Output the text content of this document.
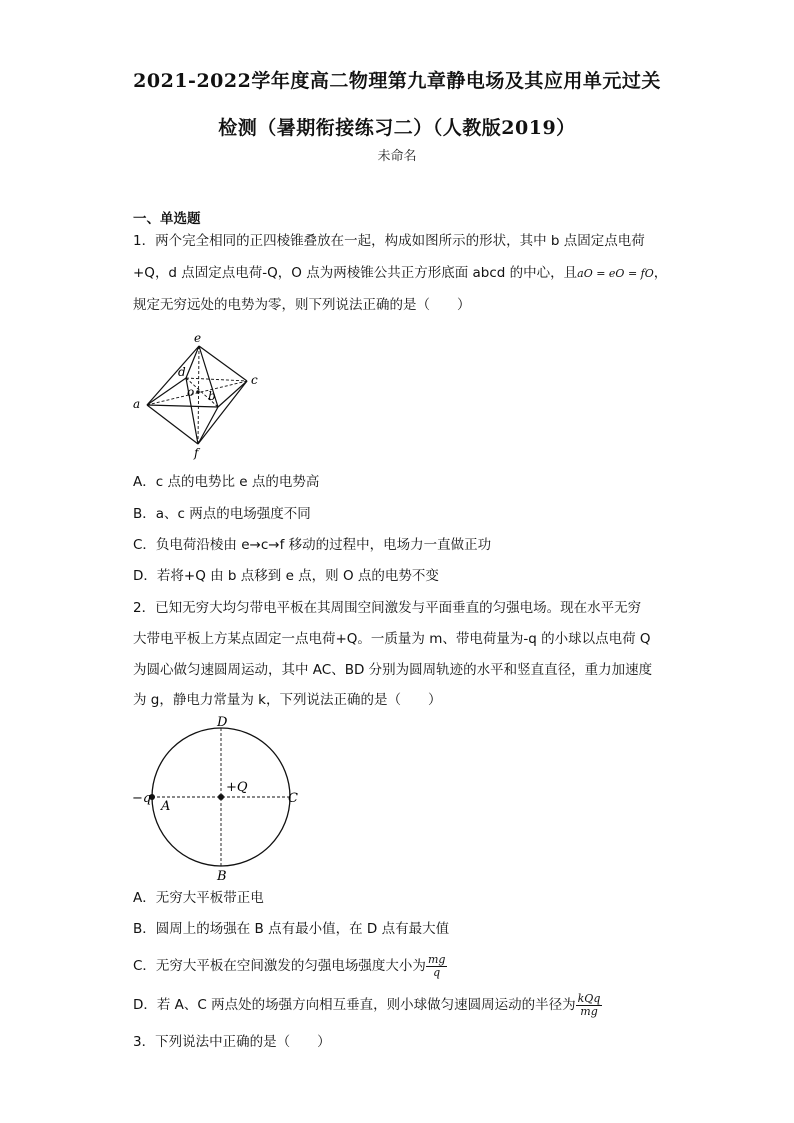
2021-2022学年度高二物理第九章静电场及其应用单元过关
检测（暑期衔接练习二）（人教版2019）
未命名
一、单选题
1．两个完全相同的正四棱锥叠放在一起，构成如图所示的形状，其中 b 点固定点电荷
+Q，d 点固定点电荷-Q，O 点为两棱锥公共正方形底面 abcd 的中心，且aO = eO = fO，
规定无穷远处的电势为零，则下列说法正确的是（　　）
e
d
c
o b
a
f
A．c 点的电势比 e 点的电势高
B．a、c 两点的电场强度不同
C．负电荷沿棱由 e→c→f 移动的过程中，电场力一直做正功
D．若将+Q 由 b 点移到 e 点，则 O 点的电势不变
2．已知无穷大均匀带电平板在其周围空间激发与平面垂直的匀强电场。现在水平无穷
大带电平板上方某点固定一点电荷+Q。一质量为 m、带电荷量为-q 的小球以点电荷 Q
为圆心做匀速圆周运动，其中 AC、BD 分别为圆周轨迹的水平和竖直直径，重力加速度
为 g，静电力常量为 k，下列说法正确的是（　　）
D
B
A
C
+Q
−q
A．无穷大平板带正电
B．圆周上的场强在 B 点有最小值，在 D 点有最大值
C．无穷大平板在空间激发的匀强电场强度大小为 $\frac{mg}{q}$
D．若 A、C 两点处的场强方向相互垂直，则小球做匀速圆周运动的半径为 $\frac{\text{kQq}}{mg}$
3．下列说法中正确的是（　　）
